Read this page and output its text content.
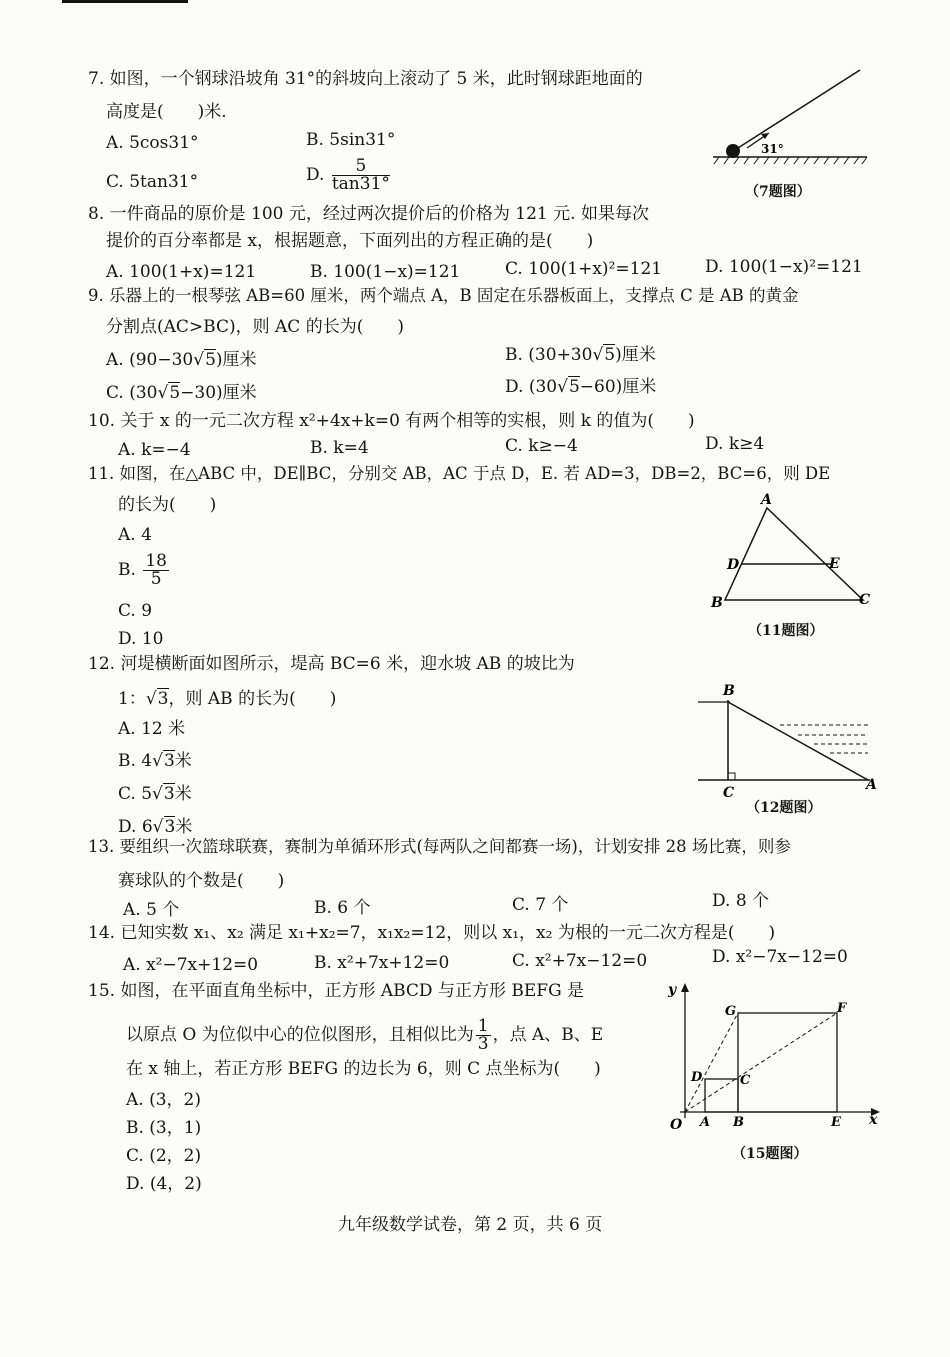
7. 如图，一个钢球沿坡角 31°的斜坡向上滚动了 5 米，此时钢球距地面的
高度是(　　)米.
A. 5cos31°	B. 5sin31°
C. 5tan31°	D. $\frac{5}{\tan 31^\circ}$
31°
（7题图）
8. 一件商品的原价是 100 元，经过两次提价后的价格为 121 元. 如果每次
提价的百分率都是 x，根据题意，下面列出的方程正确的是(　　)
A. 100(1+x)=121	B. 100(1−x)=121	C. 100(1+x)²=121	D. 100(1−x)²=121
9. 乐器上的一根琴弦 AB=60 厘米，两个端点 A，B 固定在乐器板面上，支撑点 C 是 AB 的黄金
分割点(AC>BC)，则 AC 的长为(　　)
A. (90−30√5)厘米	B. (30+30√5)厘米
C. (30√5−30)厘米	D. (30√5−60)厘米
10. 关于 x 的一元二次方程 x²+4x+k=0 有两个相等的实根，则 k 的值为(　　)
A. k=−4	B. k=4	C. k≥−4	D. k≥4
11. 如图，在△ABC 中，DE∥BC，分别交 AB，AC 于点 D，E. 若 AD=3，DB=2，BC=6，则 DE
的长为(　　)
A. 4
B. $\frac{18}{5}$
C. 9
D. 10
A
D	E
B	C
（11题图）
12. 河堤横断面如图所示，堤高 BC=6 米，迎水坡 AB 的坡比为
1：√3，则 AB 的长为(　　)
A. 12 米
B. 4√3米
C. 5√3米
D. 6√3米
B
C	A
（12题图）
13. 要组织一次篮球联赛，赛制为单循环形式(每两队之间都赛一场)，计划安排 28 场比赛，则参
赛球队的个数是(　　)
A. 5 个	B. 6 个	C. 7 个	D. 8 个
14. 已知实数 x₁、x₂ 满足 x₁+x₂=7，x₁x₂=12，则以 x₁，x₂ 为根的一元二次方程是(　　)
A. x²−7x+12=0	B. x²+7x+12=0	C. x²+7x−12=0	D. x²−7x−12=0
15. 如图，在平面直角坐标中，正方形 ABCD 与正方形 BEFG 是
以原点 O 为位似中心的位似图形，且相似比为 $\frac{1}{3}$ ，点 A、B、E
在 x 轴上，若正方形 BEFG 的边长为 6，则 C 点坐标为(　　)
A. (3，2)
B. (3，1)
C. (2，2)
D. (4，2)
y
x
O A B	E
C
D
F
G
（15题图）
九年级数学试卷，第 2 页，共 6 页
